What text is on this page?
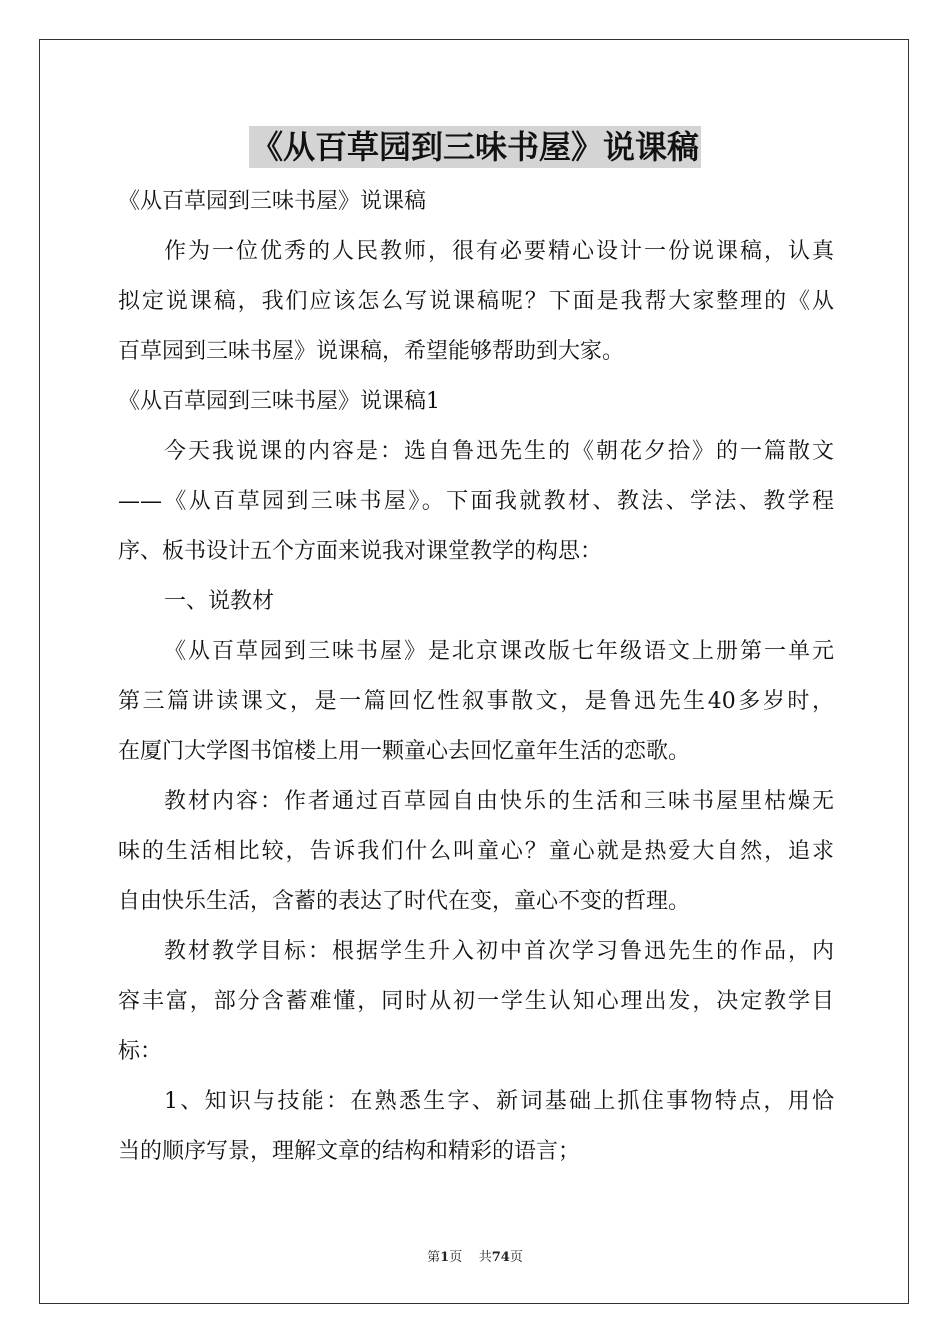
《从百草园到三味书屋》说课稿
《从百草园到三味书屋》说课稿
作为一位优秀的人民教师，很有必要精心设计一份说课稿，认真
拟定说课稿，我们应该怎么写说课稿呢？下面是我帮大家整理的《从
百草园到三味书屋》说课稿，希望能够帮助到大家。
《从百草园到三味书屋》说课稿1
今天我说课的内容是：选自鲁迅先生的《朝花夕拾》的一篇散文
——《从百草园到三味书屋》。下面我就教材、教法、学法、教学程
序、板书设计五个方面来说我对课堂教学的构思：
一、说教材
《从百草园到三味书屋》是北京课改版七年级语文上册第一单元
第三篇讲读课文，是一篇回忆性叙事散文，是鲁迅先生40多岁时，
在厦门大学图书馆楼上用一颗童心去回忆童年生活的恋歌。
教材内容：作者通过百草园自由快乐的生活和三味书屋里枯燥无
味的生活相比较，告诉我们什么叫童心？童心就是热爱大自然，追求
自由快乐生活，含蓄的表达了时代在变，童心不变的哲理。
教材教学目标：根据学生升入初中首次学习鲁迅先生的作品，内
容丰富，部分含蓄难懂，同时从初一学生认知心理出发，决定教学目
标：
1、知识与技能：在熟悉生字、新词基础上抓住事物特点，用恰
当的顺序写景，理解文章的结构和精彩的语言；
第1页    共74页
